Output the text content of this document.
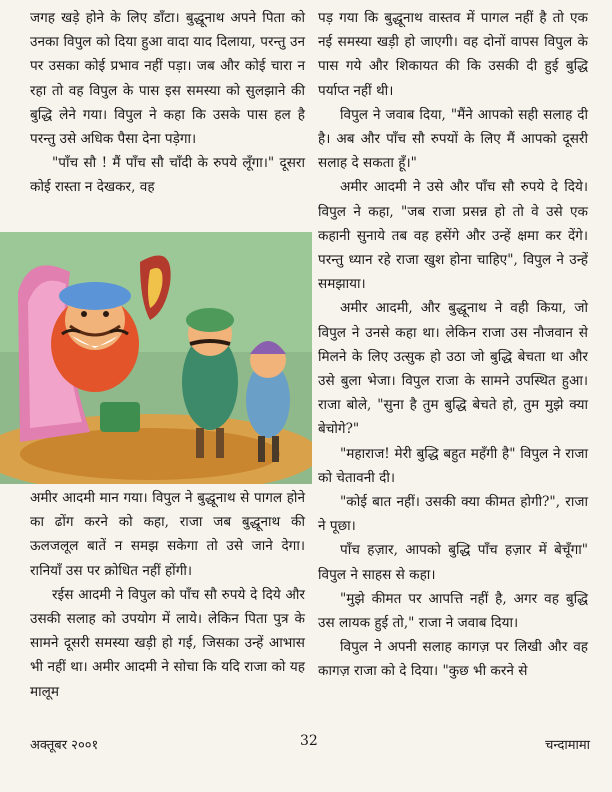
जगह खड़े होने के लिए डाँटा। बुद्धूनाथ अपने पिता को उनका विपुल को दिया हुआ वादा याद दिलाया, परन्तु उन पर उसका कोई प्रभाव नहीं पड़ा। जब और कोई चारा न रहा तो वह विपुल के पास इस समस्या को सुलझाने की बुद्धि लेने गया। विपुल ने कहा कि उसके पास हल है परन्तु उसे अधिक पैसा देना पड़ेगा।

"पाँच सौ ! मैं पाँच सौ चाँदी के रुपये लूँगा।" दूसरा कोई रास्ता न देखकर, वह

अमीर आदमी मान गया। विपुल ने बुद्धूनाथ से पागल होने का ढोंग करने को कहा, राजा जब बुद्धूनाथ की ऊलजलूल बातें न समझ सकेगा तो उसे जाने देगा। रानियाँ उस पर क्रोधित नहीं होंगी।

रईस आदमी ने विपुल को पाँच सौ रुपये दे दिये और उसकी सलाह को उपयोग में लाये। लेकिन पिता पुत्र के सामने दूसरी समस्या खड़ी हो गई, जिसका उन्हें आभास भी नहीं था। अमीर आदमी ने सोचा कि यदि राजा को यह मालूम

पड़ गया कि बुद्धूनाथ वास्तव में पागल नहीं है तो एक नई समस्या खड़ी हो जाएगी। वह दोनों वापस विपुल के पास गये और शिकायत की कि उसकी दी हुई बुद्धि पर्याप्त नहीं थी।

विपुल ने जवाब दिया, "मैंने आपको सही सलाह दी है। अब और पाँच सौ रुपयों के लिए मैं आपको दूसरी सलाह दे सकता हूँ।"

अमीर आदमी ने उसे और पाँच सौ रुपये दे दिये। विपुल ने कहा, "जब राजा प्रसन्न हो तो वे उसे एक कहानी सुनाये तब वह हसेंगे और उन्हें क्षमा कर देंगे। परन्तु ध्यान रहे राजा खुश होना चाहिए", विपुल ने उन्हें समझाया।

अमीर आदमी, और बुद्धूनाथ ने वही किया, जो विपुल ने उनसे कहा था। लेकिन राजा उस नौजवान से मिलने के लिए उत्सुक हो उठा जो बुद्धि बेचता था और उसे बुला भेजा। विपुल राजा के सामने उपस्थित हुआ। राजा बोले, "सुना है तुम बुद्धि बेचते हो, तुम मुझे क्या बेचोगे?"

"महाराज! मेरी बुद्धि बहुत महँगी है" विपुल ने राजा को चेतावनी दी।

"कोई बात नहीं। उसकी क्या कीमत होगी?", राजा ने पूछा।

पाँच हज़ार, आपको बुद्धि पाँच हज़ार में बेचूँगा" विपुल ने साहस से कहा।

"मुझे कीमत पर आपत्ति नहीं है, अगर वह बुद्धि उस लायक हुई तो," राजा ने जवाब दिया।

विपुल ने अपनी सलाह कागज़ पर लिखी और वह कागज़ राजा को दे दिया। "कुछ भी करने से

अक्तूबर २००१	32	चन्दामामा
